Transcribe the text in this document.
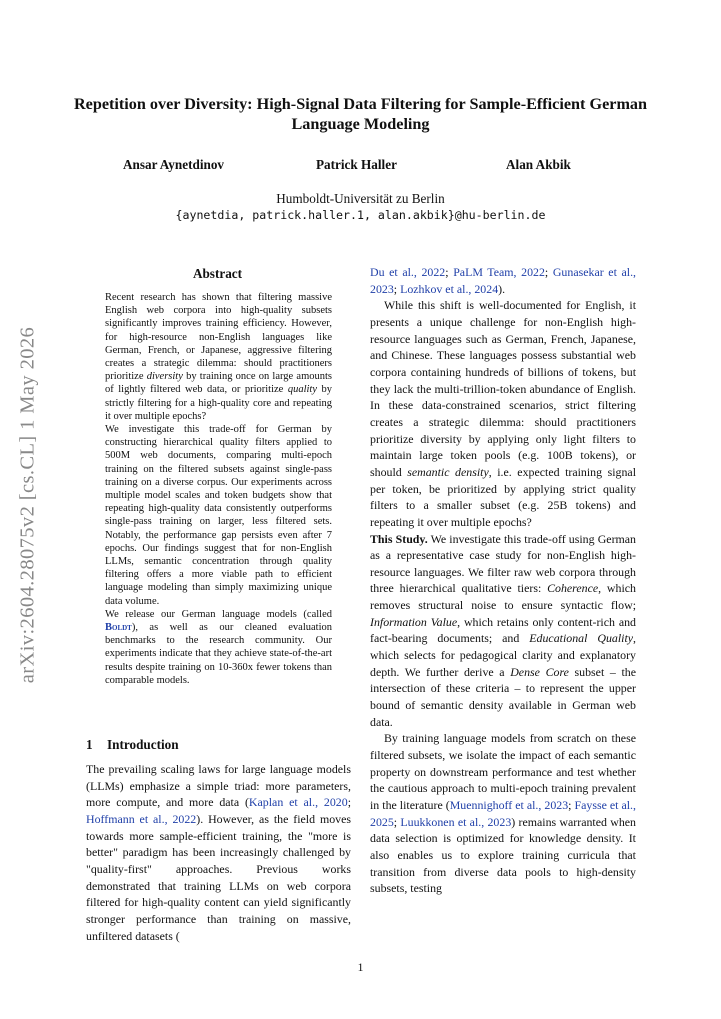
arXiv:2604.28075v2 [cs.CL] 1 May 2026
Repetition over Diversity: High-Signal Data Filtering for Sample-Efficient German Language Modeling
Ansar Aynetdinov	Patrick Haller	Alan Akbik
Humboldt-Universität zu Berlin
{aynetdia, patrick.haller.1, alan.akbik}@hu-berlin.de
Abstract

Recent research has shown that filtering massive English web corpora into high-quality subsets significantly improves training efficiency. However, for high-resource non-English languages like German, French, or Japanese, aggressive filtering creates a strategic dilemma: should practitioners prioritize diversity by training once on large amounts of lightly filtered web data, or prioritize quality by strictly filtering for a high-quality core and repeating it over multiple epochs?

We investigate this trade-off for German by constructing hierarchical quality filters applied to 500M web documents, comparing multi-epoch training on the filtered subsets against single-pass training on a diverse corpus. Our experiments across multiple model scales and token budgets show that repeating high-quality data consistently outperforms single-pass training on larger, less filtered sets. Notably, the performance gap persists even after 7 epochs. Our findings suggest that for non-English LLMs, semantic concentration through quality filtering offers a more viable path to efficient language modeling than simply maximizing unique data volume.

We release our German language models (called Boldt), as well as our cleaned evaluation benchmarks to the research community. Our experiments indicate that they achieve state-of-the-art results despite training on 10-360x fewer tokens than comparable models.

1 Introduction

The prevailing scaling laws for large language models (LLMs) emphasize a simple triad: more parameters, more compute, and more data (Kaplan et al., 2020; Hoffmann et al., 2022). However, as the field moves towards more sample-efficient training, the "more is better" paradigm has been increasingly challenged by "quality-first" approaches. Previous works demonstrated that training LLMs on web corpora filtered for high-quality content can yield significantly stronger performance than training on massive, unfiltered datasets (

Du et al., 2022; PaLM Team, 2022; Gunasekar et al., 2023; Lozhkov et al., 2024).

While this shift is well-documented for English, it presents a unique challenge for non-English high-resource languages such as German, French, Japanese, and Chinese. These languages possess substantial web corpora containing hundreds of billions of tokens, but they lack the multi-trillion-token abundance of English. In these data-constrained scenarios, strict filtering creates a strategic dilemma: should practitioners prioritize diversity by applying only light filters to maintain large token pools (e.g. 100B tokens), or should semantic density, i.e. expected training signal per token, be prioritized by applying strict quality filters to a smaller subset (e.g. 25B tokens) and repeating it over multiple epochs?

This Study. We investigate this trade-off using German as a representative case study for non-English high-resource languages. We filter raw web corpora through three hierarchical qualitative tiers: Coherence, which removes structural noise to ensure syntactic flow; Information Value, which retains only content-rich and fact-bearing documents; and Educational Quality, which selects for pedagogical clarity and explanatory depth. We further derive a Dense Core subset – the intersection of these criteria – to represent the upper bound of semantic density available in German web data.

By training language models from scratch on these filtered subsets, we isolate the impact of each semantic property on downstream performance and test whether the cautious approach to multi-epoch training prevalent in the literature (Muennighoff et al., 2023; Faysse et al., 2025; Luukkonen et al., 2023) remains warranted when data selection is optimized for knowledge density. It also enables us to explore training curricula that transition from diverse data pools to high-density subsets, testing

1
